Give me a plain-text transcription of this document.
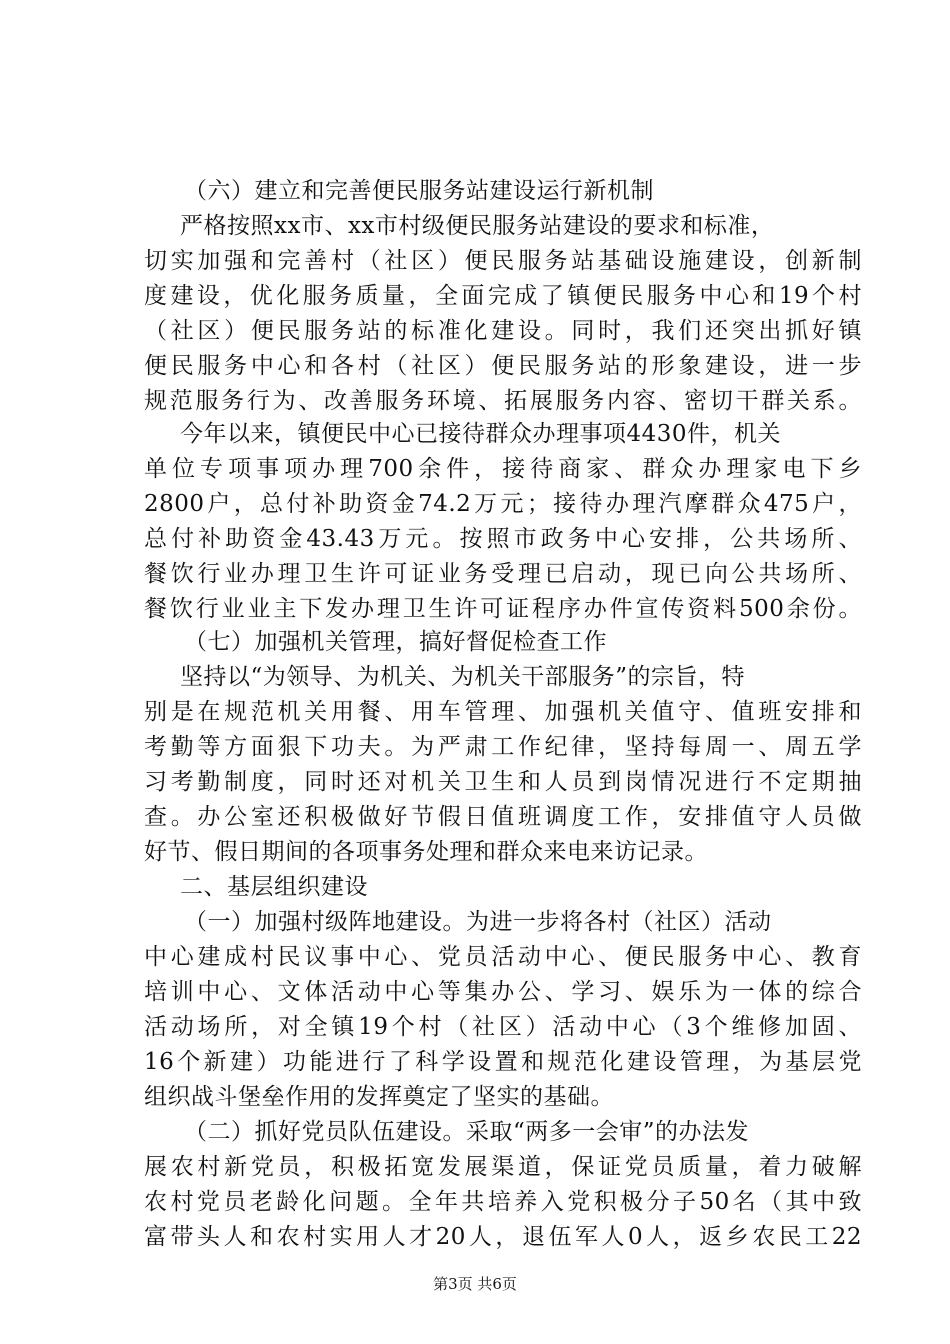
（六）建立和完善便民服务站建设运行新机制
严格按照xx市、xx市村级便民服务站建设的要求和标准，
切实加强和完善村（社区）便民服务站基础设施建设，创新制
度建设，优化服务质量，全面完成了镇便民服务中心和19个村
（社区）便民服务站的标准化建设。同时，我们还突出抓好镇
便民服务中心和各村（社区）便民服务站的形象建设，进一步
规范服务行为、改善服务环境、拓展服务内容、密切干群关系。
今年以来，镇便民中心已接待群众办理事项4430件，机关
单位专项事项办理700余件，接待商家、群众办理家电下乡
2800户，总付补助资金74.2万元；接待办理汽摩群众475户，
总付补助资金43.43万元。按照市政务中心安排，公共场所、
餐饮行业办理卫生许可证业务受理已启动，现已向公共场所、
餐饮行业业主下发办理卫生许可证程序办件宣传资料500余份。
（七）加强机关管理，搞好督促检查工作
坚持以“为领导、为机关、为机关干部服务”的宗旨，特
别是在规范机关用餐、用车管理、加强机关值守、值班安排和
考勤等方面狠下功夫。为严肃工作纪律，坚持每周一、周五学
习考勤制度，同时还对机关卫生和人员到岗情况进行不定期抽
查。办公室还积极做好节假日值班调度工作，安排值守人员做
好节、假日期间的各项事务处理和群众来电来访记录。
二、基层组织建设
（一）加强村级阵地建设。为进一步将各村（社区）活动
中心建成村民议事中心、党员活动中心、便民服务中心、教育
培训中心、文体活动中心等集办公、学习、娱乐为一体的综合
活动场所，对全镇19个村（社区）活动中心（3个维修加固、
16个新建）功能进行了科学设置和规范化建设管理，为基层党
组织战斗堡垒作用的发挥奠定了坚实的基础。
（二）抓好党员队伍建设。采取“两多一会审”的办法发
展农村新党员，积极拓宽发展渠道，保证党员质量，着力破解
农村党员老龄化问题。全年共培养入党积极分子50名（其中致
富带头人和农村实用人才20人，退伍军人0人，返乡农民工22
第3页 共6页
